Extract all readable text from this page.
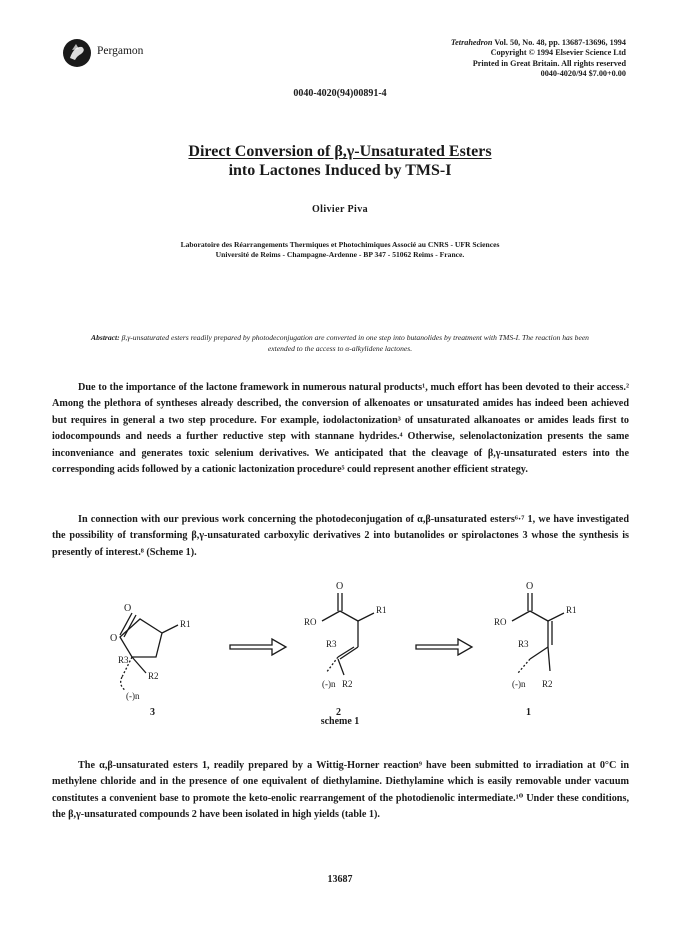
Pergamon
Tetrahedron Vol. 50, No. 48, pp. 13687-13696, 1994
Copyright © 1994 Elsevier Science Ltd
Printed in Great Britain. All rights reserved
0040-4020/94 $7.00+0.00
0040-4020(94)00891-4
Direct Conversion of β,γ-Unsaturated Esters
into Lactones Induced by TMS-I
Olivier Piva
Laboratoire des Réarrangements Thermiques et Photochimiques Associé au CNRS - UFR Sciences
Université de Reims - Champagne-Ardenne - BP 347 - 51062 Reims - France.
Abstract: β,γ-unsaturated esters readily prepared by photodeconjugation are converted in one step into butanolides by treatment with TMS-I. The reaction has been extended to the access to α-alkylidene lactones.

Due to the importance of the lactone framework in numerous natural products¹, much effort has been devoted to their access.² Among the plethora of syntheses already described, the conversion of alkenoates or unsaturated amides has indeed been achieved but requires in general a two step procedure. For example, iodolactonization³ of unsaturated alkanoates or amides leads first to iodocompounds and needs a further reductive step with stannane hydrides.⁴ Otherwise, selenolactonization presents the same inconveniance and generates toxic selenium derivatives. We anticipated that the cleavage of β,γ-unsaturated esters into the corresponding acids followed by a cationic lactonization procedure⁵ could represent another efficient strategy.

In connection with our previous work concerning the photodeconjugation of α,β-unsaturated esters⁶·⁷ 1, we have investigated the possibility of transforming β,γ-unsaturated carboxylic derivatives 2 into butanolides or spirolactones 3 whose the synthesis is presently of interest.⁸ (Scheme 1).

O
O
R1
R3
R2
(-)n
3
O
RO
R1
R3
(-)n R2
2
O
RO
R1
R3
(-)n R2
1
scheme 1

The α,β-unsaturated esters 1, readily prepared by a Wittig-Horner reaction⁹ have been submitted to irradiation at 0°C in methylene chloride and in the presence of one equivalent of diethylamine. Diethylamine which is easily removable under vacuum constitutes a convenient base to promote the keto-enolic rearrangement of the photodienolic intermediate.¹⁰ Under these conditions, the β,γ-unsaturated compounds 2 have been isolated in high yields (table 1).

13687
